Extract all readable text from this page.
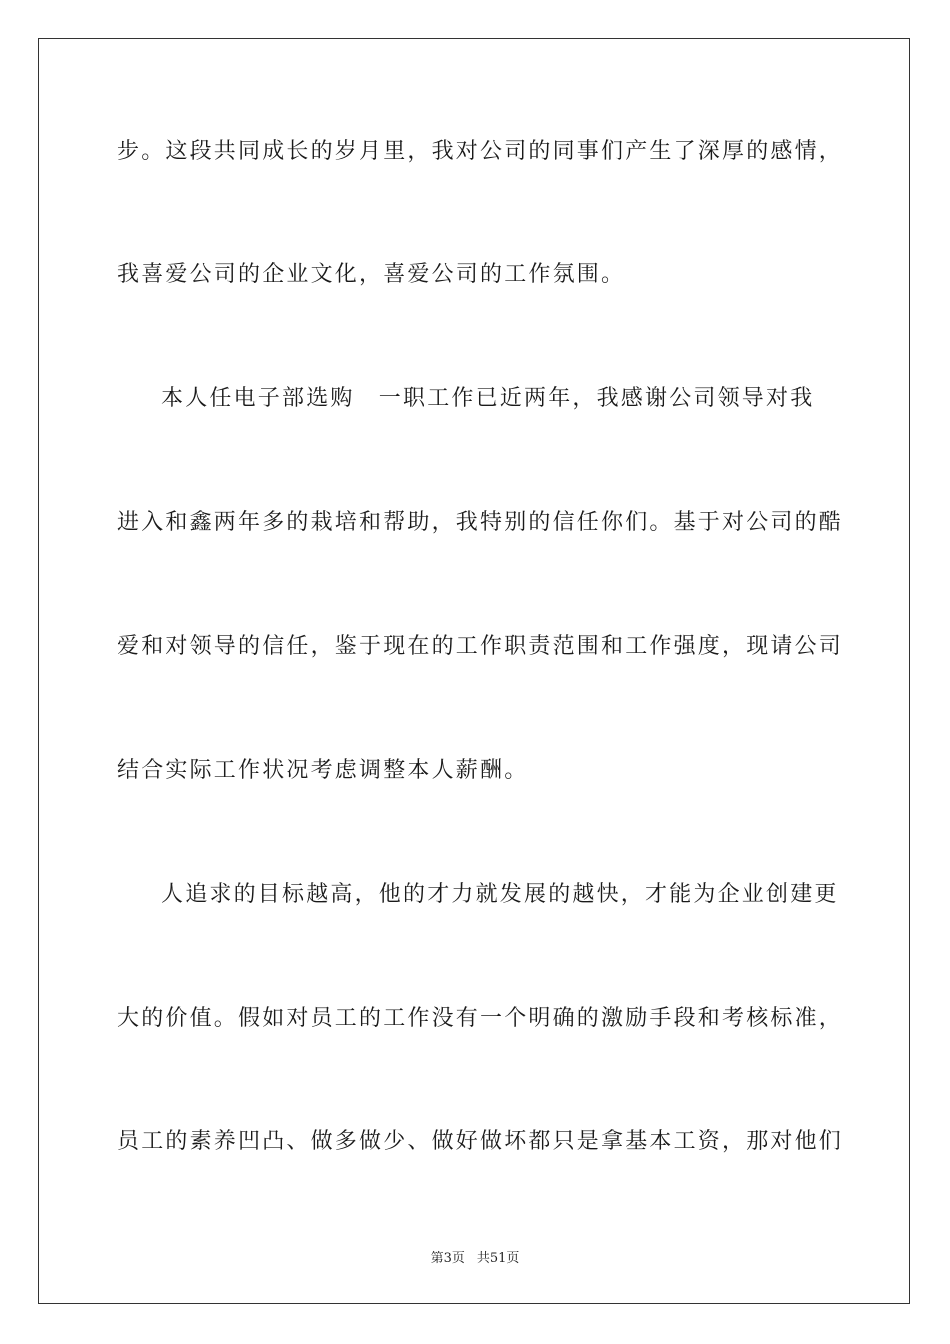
步。这段共同成长的岁月里，我对公司的同事们产生了深厚的感情，
我喜爱公司的企业文化，喜爱公司的工作氛围。
本人任电子部选购　一职工作已近两年，我感谢公司领导对我
进入和鑫两年多的栽培和帮助，我特别的信任你们。基于对公司的酷
爱和对领导的信任，鉴于现在的工作职责范围和工作强度，现请公司
结合实际工作状况考虑调整本人薪酬。
人追求的目标越高，他的才力就发展的越快，才能为企业创建更
大的价值。假如对员工的工作没有一个明确的激励手段和考核标准，
员工的素养凹凸、做多做少、做好做坏都只是拿基本工资，那对他们
第3页 共51页
